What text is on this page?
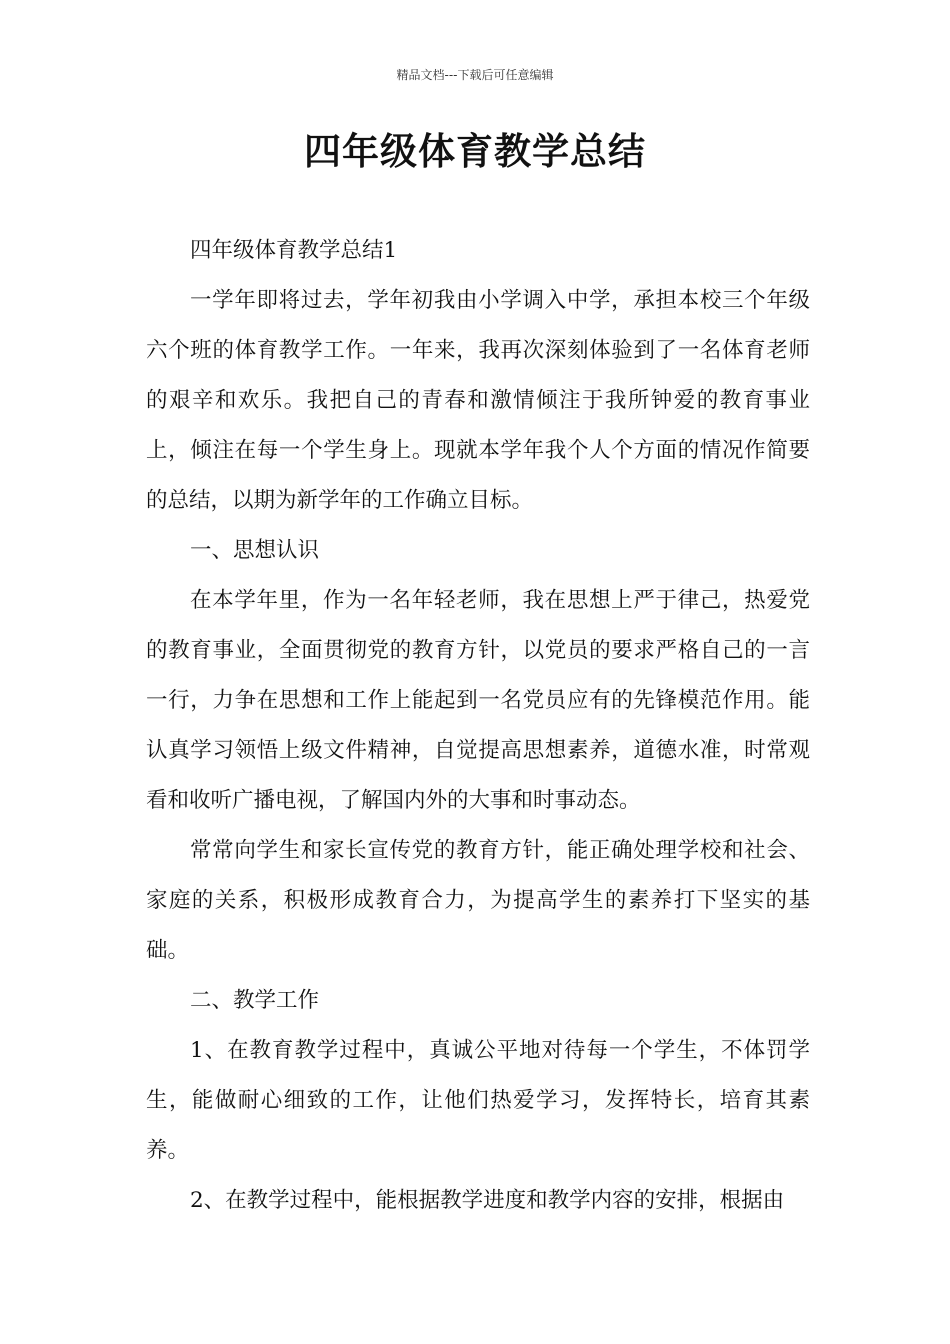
精品文档---下载后可任意编辑
四年级体育教学总结

四年级体育教学总结1

一学年即将过去，学年初我由小学调入中学，承担本校三个年级六个班的体育教学工作。一年来，我再次深刻体验到了一名体育老师的艰辛和欢乐。我把自己的青春和激情倾注于我所钟爱的教育事业上，倾注在每一个学生身上。现就本学年我个人个方面的情况作简要的总结，以期为新学年的工作确立目标。

一、思想认识

在本学年里，作为一名年轻老师，我在思想上严于律己，热爱党的教育事业，全面贯彻党的教育方针，以党员的要求严格自己的一言一行，力争在思想和工作上能起到一名党员应有的先锋模范作用。能认真学习领悟上级文件精神，自觉提高思想素养，道德水准，时常观看和收听广播电视，了解国内外的大事和时事动态。

常常向学生和家长宣传党的教育方针，能正确处理学校和社会、家庭的关系，积极形成教育合力，为提高学生的素养打下坚实的基础。

二、教学工作

1、在教育教学过程中，真诚公平地对待每一个学生，不体罚学生，能做耐心细致的工作，让他们热爱学习，发挥特长，培育其素养。

2、在教学过程中，能根据教学进度和教学内容的安排，根据由
